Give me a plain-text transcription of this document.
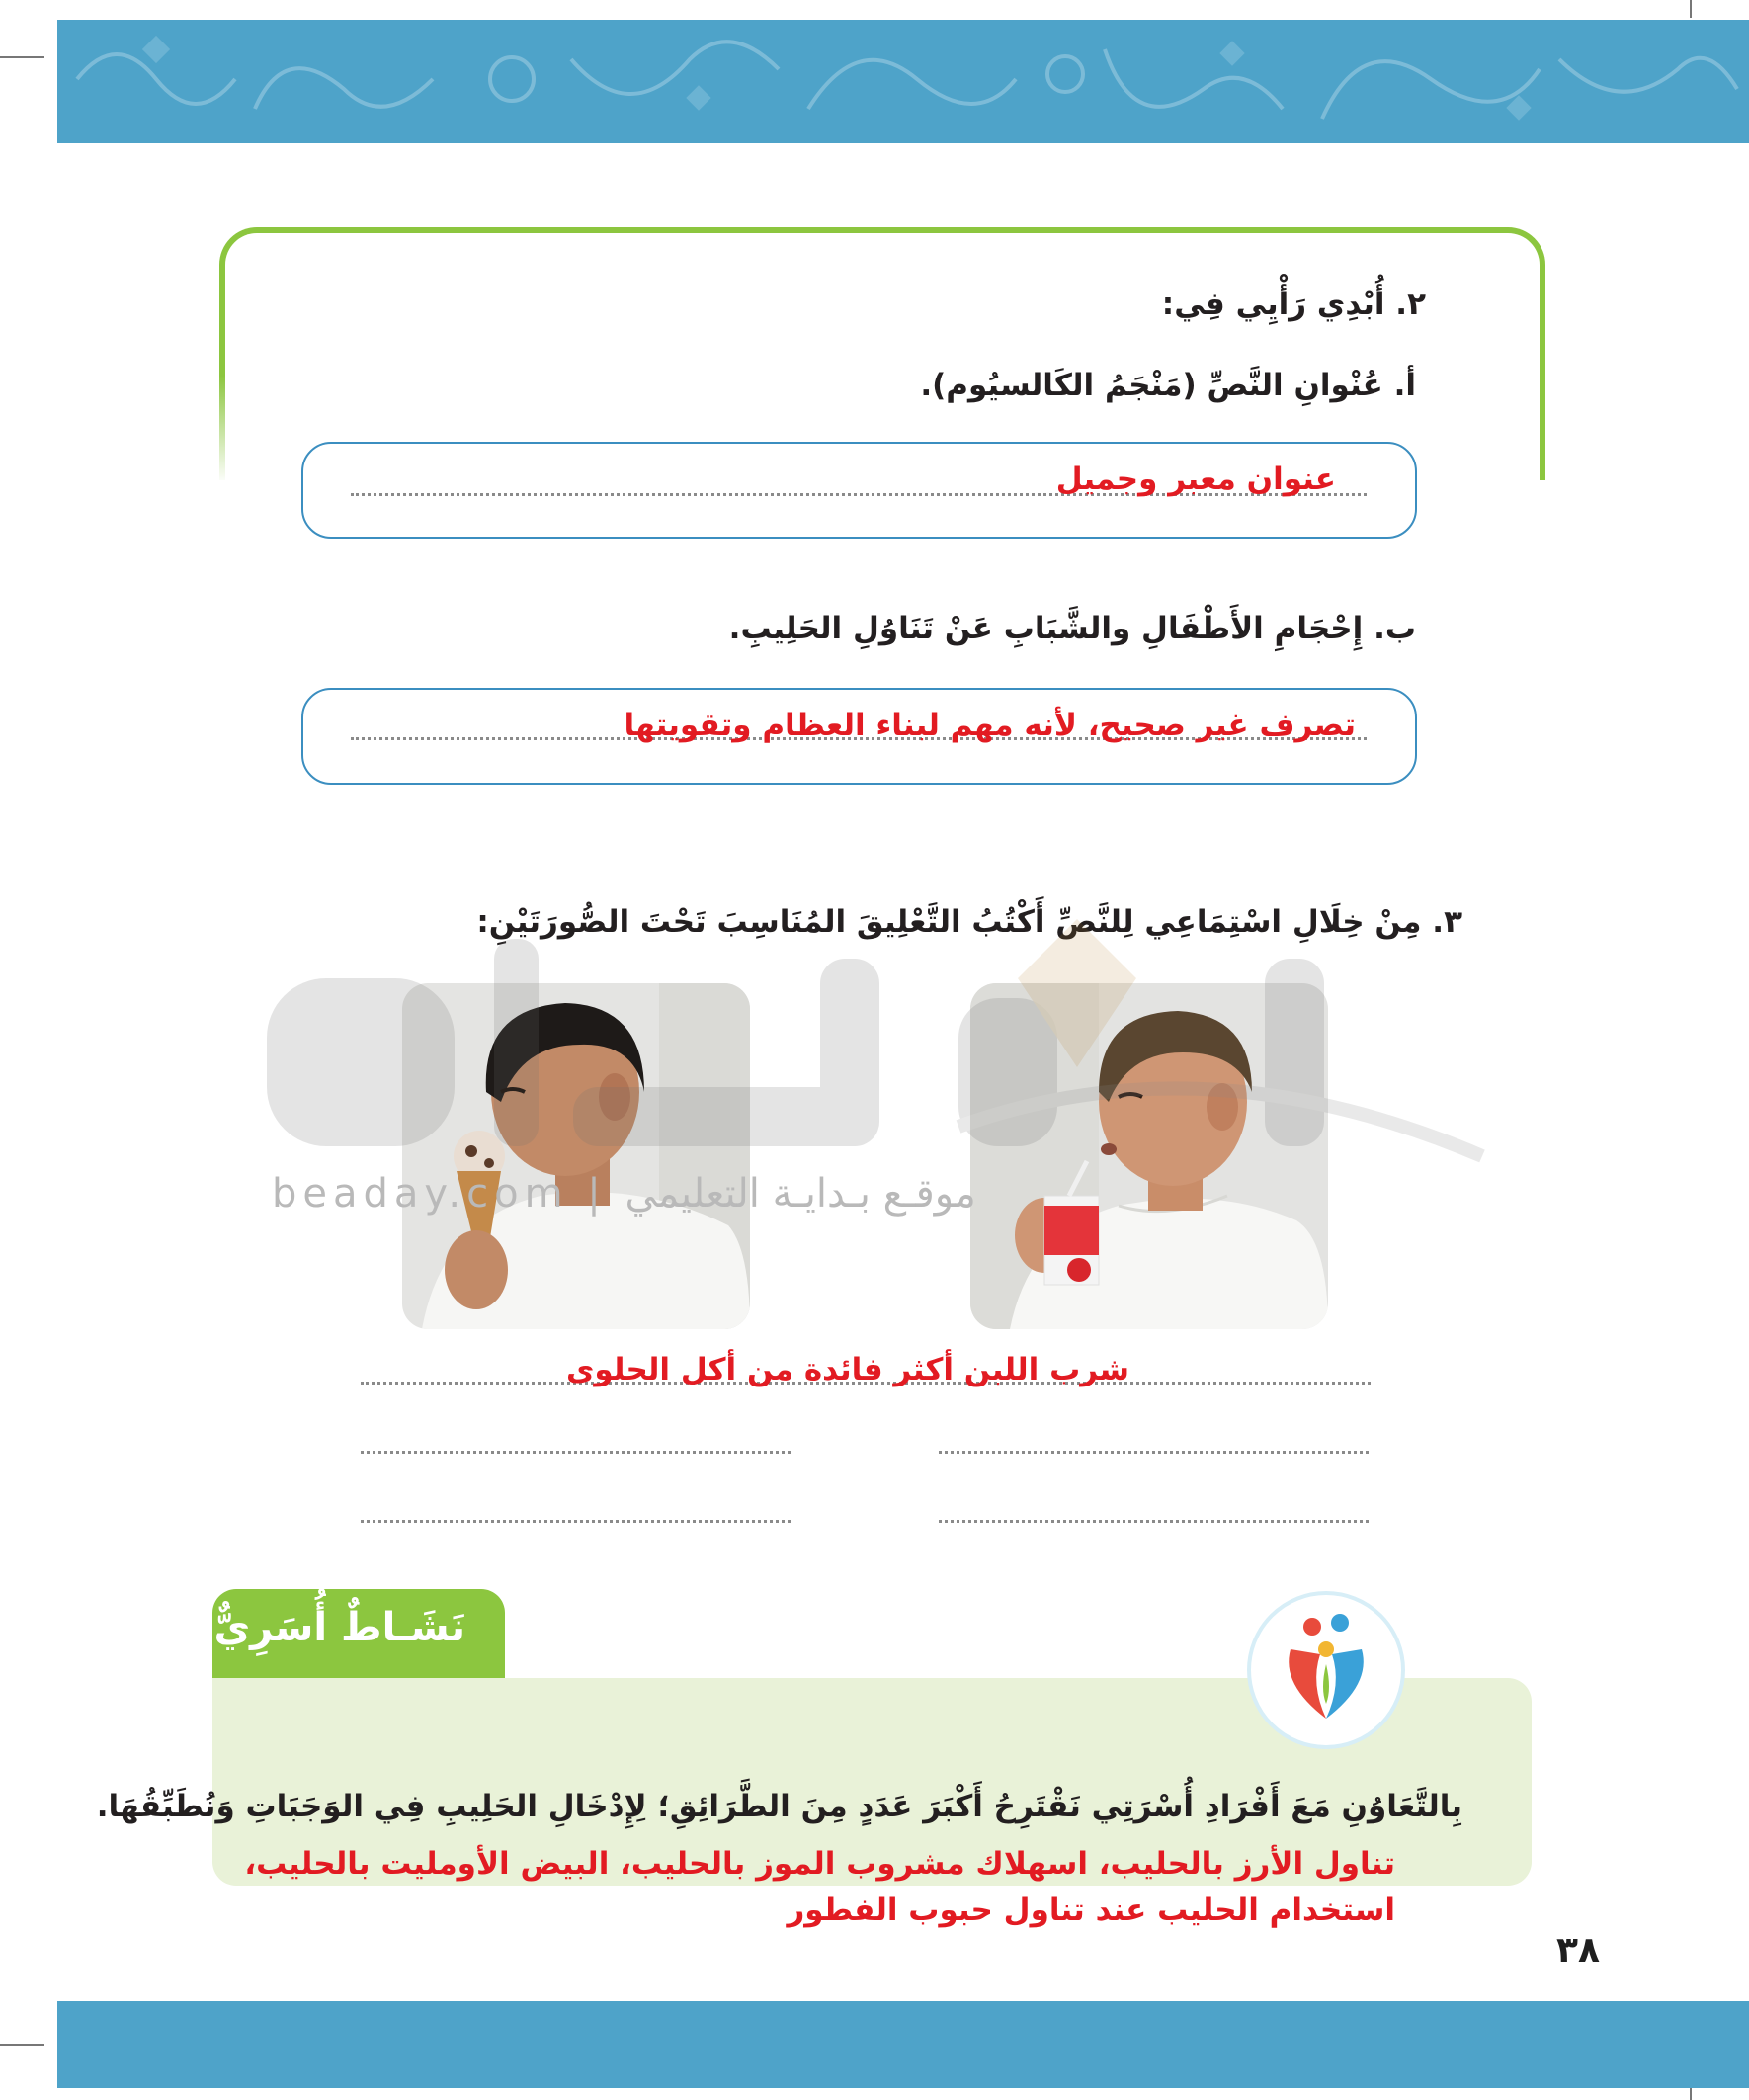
٢. أُبْدِي رَأْيِي فِي:
أ. عُنْوانِ النَّصِّ (مَنْجَمُ الكَالسيُوم).
عنوان معبر وجميل
ب. إِحْجَامِ الأَطْفَالِ والشَّبَابِ عَنْ تَنَاوُلِ الحَلِيبِ.
تصرف غير صحيح، لأنه مهم لبناء العظام وتقويتها
٣. مِنْ خِلَالِ اسْتِمَاعِي لِلنَّصِّ أَكْتُبُ التَّعْلِيقَ المُنَاسِبَ تَحْتَ الصُّورَتَيْنِ:
شرب اللبن أكثر فائدة من أكل الحلوى
beaday.com | موقـع بـدايـة التعليمي
نَشَـاطٌ أُسَرِيٌّ
بِالتَّعَاوُنِ مَعَ أَفْرَادِ أُسْرَتِي نَقْتَرِحُ أَكْبَرَ عَدَدٍ مِنَ الطَّرَائِقِ؛ لِإِدْخَالِ الحَلِيبِ فِي الوَجَبَاتِ وَنُطَبِّقُهَا.
تناول الأرز بالحليب، اسهلاك مشروب الموز بالحليب، البيض الأومليت بالحليب،
استخدام الحليب عند تناول حبوب الفطور
٣٨
